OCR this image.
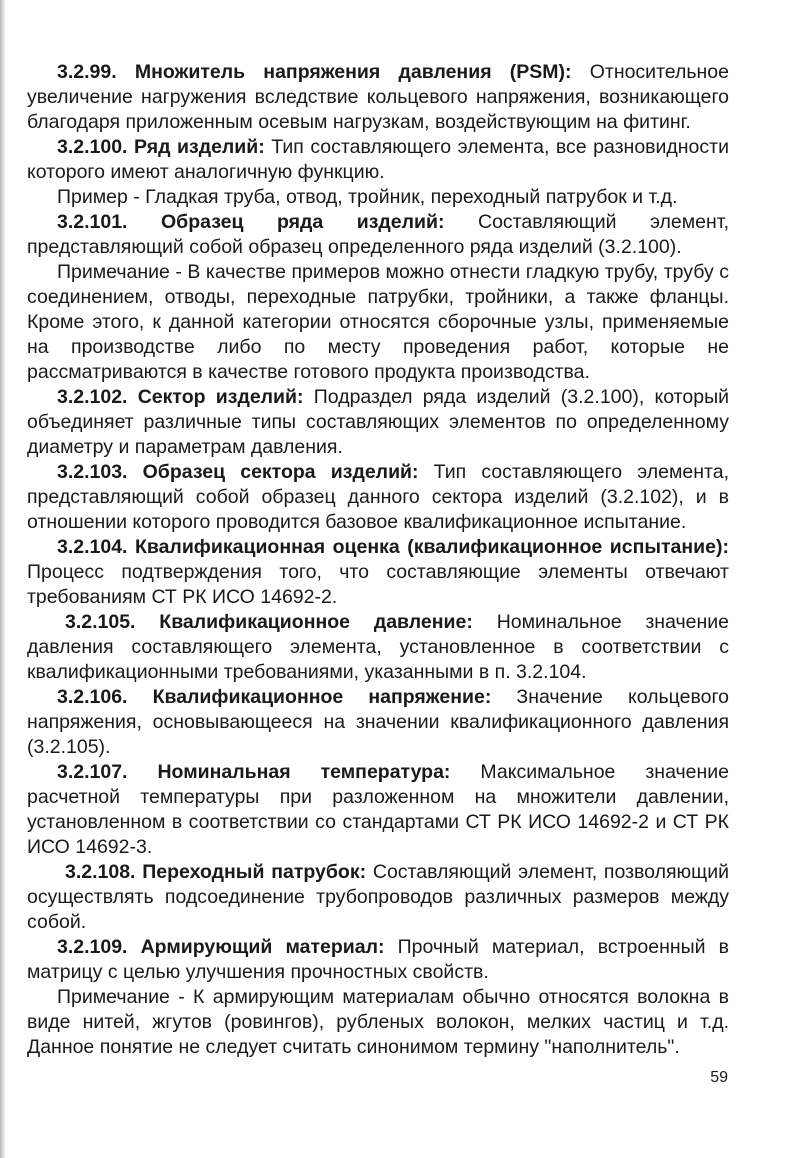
3.2.99. Множитель напряжения давления (PSM): Относительное увеличение нагружения вследствие кольцевого напряжения, возникающего благодаря приложенным осевым нагрузкам, воздействующим на фитинг.

3.2.100. Ряд изделий: Тип составляющего элемента, все разновидности которого имеют аналогичную функцию.

Пример - Гладкая труба, отвод, тройник, переходный патрубок и т.д.

3.2.101. Образец ряда изделий: Составляющий элемент, представляющий собой образец определенного ряда изделий (3.2.100).

Примечание - В качестве примеров можно отнести гладкую трубу, трубу с соединением, отводы, переходные патрубки, тройники, а также фланцы. Кроме этого, к данной категории относятся сборочные узлы, применяемые на производстве либо по месту проведения работ, которые не рассматриваются в качестве готового продукта производства.

3.2.102. Сектор изделий: Подраздел ряда изделий (3.2.100), который объединяет различные типы составляющих элементов по определенному диаметру и параметрам давления.

3.2.103. Образец сектора изделий: Тип составляющего элемента, представляющий собой образец данного сектора изделий (3.2.102), и в отношении которого проводится базовое квалификационное испытание.

3.2.104. Квалификационная оценка (квалификационное испытание): Процесс подтверждения того, что составляющие элементы отвечают требованиям СТ РК ИСО 14692-2.

3.2.105. Квалификационное давление: Номинальное значение давления составляющего элемента, установленное в соответствии с квалификационными требованиями, указанными в п. 3.2.104.

3.2.106. Квалификационное напряжение: Значение кольцевого напряжения, основывающееся на значении квалификационного давления (3.2.105).

3.2.107. Номинальная температура: Максимальное значение расчетной температуры при разложенном на множители давлении, установленном в соответствии со стандартами СТ РК ИСО 14692-2 и СТ РК ИСО 14692-3.

3.2.108. Переходный патрубок: Составляющий элемент, позволяющий осуществлять подсоединение трубопроводов различных размеров между собой.

3.2.109. Армирующий материал: Прочный материал, встроенный в матрицу с целью улучшения прочностных свойств.

Примечание - К армирующим материалам обычно относятся волокна в виде нитей, жгутов (ровингов), рубленых волокон, мелких частиц и т.д. Данное понятие не следует считать синонимом термину "наполнитель".

59
